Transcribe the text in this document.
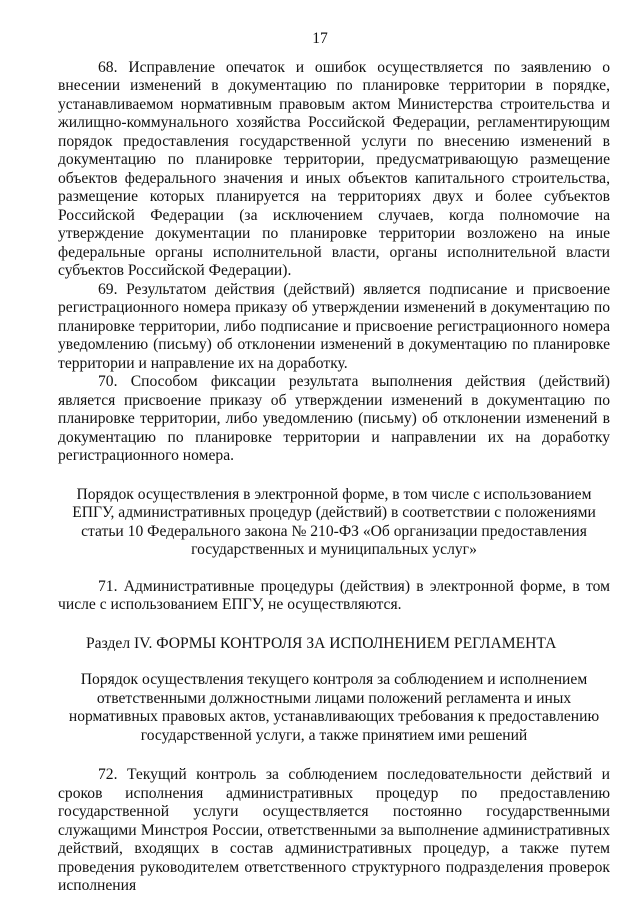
17

68. Исправление опечаток и ошибок осуществляется по заявлению о внесении изменений в документацию по планировке территории в порядке, устанавливаемом нормативным правовым актом Министерства строительства и жилищно-коммунального хозяйства Российской Федерации, регламентирующим порядок предоставления государственной услуги по внесению изменений в документацию по планировке территории, предусматривающую размещение объектов федерального значения и иных объектов капитального строительства, размещение которых планируется на территориях двух и более субъектов Российской Федерации (за исключением случаев, когда полномочие на утверждение документации по планировке территории возложено на иные федеральные органы исполнительной власти, органы исполнительной власти субъектов Российской Федерации).

69. Результатом действия (действий) является подписание и присвоение регистрационного номера приказу об утверждении изменений в документацию по планировке территории, либо подписание и присвоение регистрационного номера уведомлению (письму) об отклонении изменений в документацию по планировке территории и направление их на доработку.

70. Способом фиксации результата выполнения действия (действий) является присвоение приказу об утверждении изменений в документацию по планировке территории, либо уведомлению (письму) об отклонении изменений в документацию по планировке территории и направлении их на доработку регистрационного номера.

Порядок осуществления в электронной форме, в том числе с использованием ЕПГУ, административных процедур (действий) в соответствии с положениями статьи 10 Федерального закона № 210-ФЗ «Об организации предоставления государственных и муниципальных услуг»

71. Административные процедуры (действия) в электронной форме, в том числе с использованием ЕПГУ, не осуществляются.

Раздел IV. ФОРМЫ КОНТРОЛЯ ЗА ИСПОЛНЕНИЕМ РЕГЛАМЕНТА

Порядок осуществления текущего контроля за соблюдением и исполнением ответственными должностными лицами положений регламента и иных нормативных правовых актов, устанавливающих требования к предоставлению государственной услуги, а также принятием ими решений

72. Текущий контроль за соблюдением последовательности действий и сроков исполнения административных процедур по предоставлению государственной услуги осуществляется постоянно государственными служащими Минстроя России, ответственными за выполнение административных действий, входящих в состав административных процедур, а также путем проведения руководителем ответственного структурного подразделения проверок исполнения
